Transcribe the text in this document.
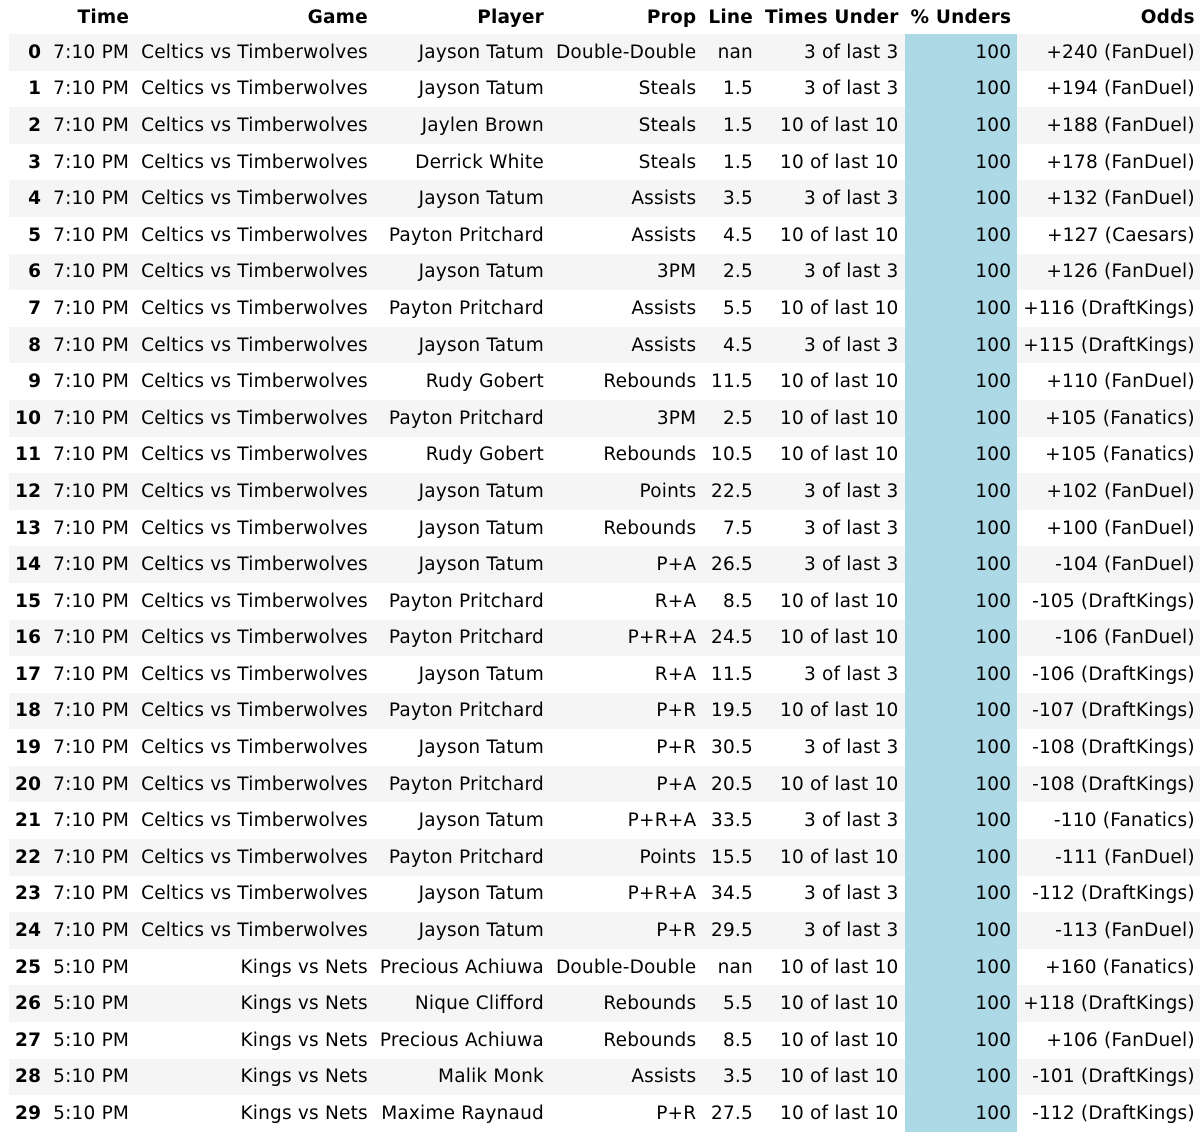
	Time	Game	Player	Prop	Line	Times Under	% Unders	Odds
0	7:10 PM	Celtics vs Timberwolves	Jayson Tatum	Double-Double	nan	3 of last 3	100	+240 (FanDuel)
1	7:10 PM	Celtics vs Timberwolves	Jayson Tatum	Steals	1.5	3 of last 3	100	+194 (FanDuel)
2	7:10 PM	Celtics vs Timberwolves	Jaylen Brown	Steals	1.5	10 of last 10	100	+188 (FanDuel)
3	7:10 PM	Celtics vs Timberwolves	Derrick White	Steals	1.5	10 of last 10	100	+178 (FanDuel)
4	7:10 PM	Celtics vs Timberwolves	Jayson Tatum	Assists	3.5	3 of last 3	100	+132 (FanDuel)
5	7:10 PM	Celtics vs Timberwolves	Payton Pritchard	Assists	4.5	10 of last 10	100	+127 (Caesars)
6	7:10 PM	Celtics vs Timberwolves	Jayson Tatum	3PM	2.5	3 of last 3	100	+126 (FanDuel)
7	7:10 PM	Celtics vs Timberwolves	Payton Pritchard	Assists	5.5	10 of last 10	100	+116 (DraftKings)
8	7:10 PM	Celtics vs Timberwolves	Jayson Tatum	Assists	4.5	3 of last 3	100	+115 (DraftKings)
9	7:10 PM	Celtics vs Timberwolves	Rudy Gobert	Rebounds	11.5	10 of last 10	100	+110 (FanDuel)
10	7:10 PM	Celtics vs Timberwolves	Payton Pritchard	3PM	2.5	10 of last 10	100	+105 (Fanatics)
11	7:10 PM	Celtics vs Timberwolves	Rudy Gobert	Rebounds	10.5	10 of last 10	100	+105 (Fanatics)
12	7:10 PM	Celtics vs Timberwolves	Jayson Tatum	Points	22.5	3 of last 3	100	+102 (FanDuel)
13	7:10 PM	Celtics vs Timberwolves	Jayson Tatum	Rebounds	7.5	3 of last 3	100	+100 (FanDuel)
14	7:10 PM	Celtics vs Timberwolves	Jayson Tatum	P+A	26.5	3 of last 3	100	-104 (FanDuel)
15	7:10 PM	Celtics vs Timberwolves	Payton Pritchard	R+A	8.5	10 of last 10	100	-105 (DraftKings)
16	7:10 PM	Celtics vs Timberwolves	Payton Pritchard	P+R+A	24.5	10 of last 10	100	-106 (FanDuel)
17	7:10 PM	Celtics vs Timberwolves	Jayson Tatum	R+A	11.5	3 of last 3	100	-106 (DraftKings)
18	7:10 PM	Celtics vs Timberwolves	Payton Pritchard	P+R	19.5	10 of last 10	100	-107 (DraftKings)
19	7:10 PM	Celtics vs Timberwolves	Jayson Tatum	P+R	30.5	3 of last 3	100	-108 (DraftKings)
20	7:10 PM	Celtics vs Timberwolves	Payton Pritchard	P+A	20.5	10 of last 10	100	-108 (DraftKings)
21	7:10 PM	Celtics vs Timberwolves	Jayson Tatum	P+R+A	33.5	3 of last 3	100	-110 (Fanatics)
22	7:10 PM	Celtics vs Timberwolves	Payton Pritchard	Points	15.5	10 of last 10	100	-111 (FanDuel)
23	7:10 PM	Celtics vs Timberwolves	Jayson Tatum	P+R+A	34.5	3 of last 3	100	-112 (DraftKings)
24	7:10 PM	Celtics vs Timberwolves	Jayson Tatum	P+R	29.5	3 of last 3	100	-113 (FanDuel)
25	5:10 PM	Kings vs Nets	Precious Achiuwa	Double-Double	nan	10 of last 10	100	+160 (Fanatics)
26	5:10 PM	Kings vs Nets	Nique Clifford	Rebounds	5.5	10 of last 10	100	+118 (DraftKings)
27	5:10 PM	Kings vs Nets	Precious Achiuwa	Rebounds	8.5	10 of last 10	100	+106 (FanDuel)
28	5:10 PM	Kings vs Nets	Malik Monk	Assists	3.5	10 of last 10	100	-101 (DraftKings)
29	5:10 PM	Kings vs Nets	Maxime Raynaud	P+R	27.5	10 of last 10	100	-112 (DraftKings)
